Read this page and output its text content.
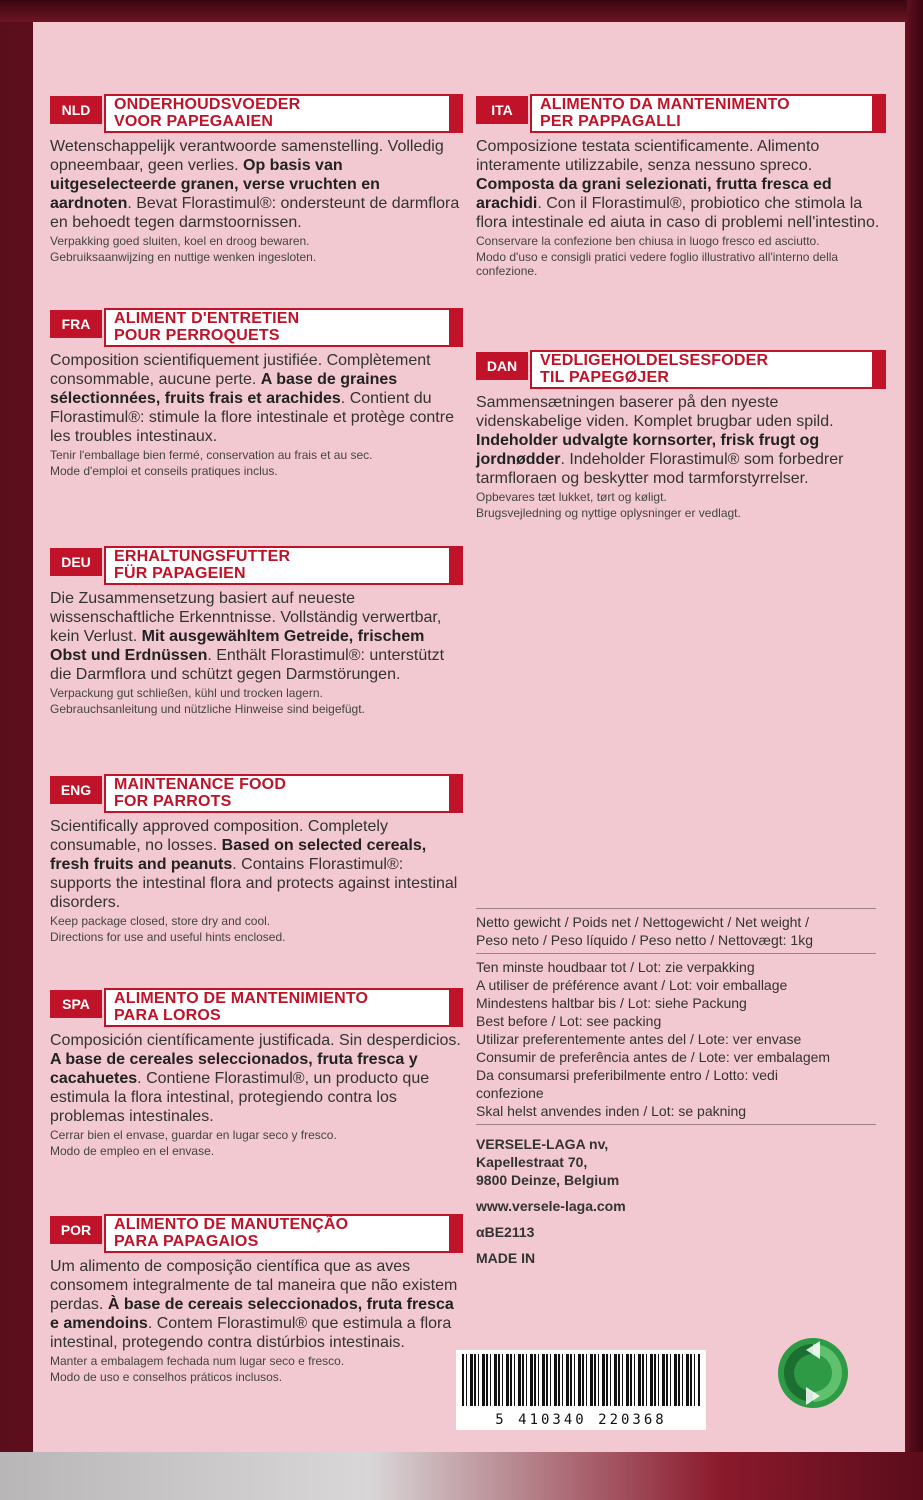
NLD	ONDERHOUDSVOEDER
VOOR PAPEGAAIEN
Wetenschappelijk verantwoorde samenstelling. Volledig opneembaar, geen verlies. Op basis van uitgeselecteerde granen, verse vruchten en aardnoten. Bevat Florastimul®: ondersteunt de darmflora en behoedt tegen darmstoornissen.
Verpakking goed sluiten, koel en droog bewaren.
Gebruiksaanwijzing en nuttige wenken ingesloten.
FRA	ALIMENT D'ENTRETIEN
POUR PERROQUETS
Composition scientifiquement justifiée. Complètement consommable, aucune perte. A base de graines sélectionnées, fruits frais et arachides. Contient du Florastimul®: stimule la flore intestinale et protège contre les troubles intestinaux.
Tenir l'emballage bien fermé, conservation au frais et au sec.
Mode d'emploi et conseils pratiques inclus.
DEU	ERHALTUNGSFUTTER
FÜR PAPAGEIEN
Die Zusammensetzung basiert auf neueste wissenschaftliche Erkenntnisse. Vollständig verwertbar, kein Verlust. Mit ausgewähltem Getreide, frischem Obst und Erdnüssen. Enthält Florastimul®: unterstützt die Darmflora und schützt gegen Darmstörungen.
Verpackung gut schließen, kühl und trocken lagern.
Gebrauchsanleitung und nützliche Hinweise sind beigefügt.
ENG	MAINTENANCE FOOD
FOR PARROTS
Scientifically approved composition. Completely consumable, no losses. Based on selected cereals, fresh fruits and peanuts. Contains Florastimul®: supports the intestinal flora and protects against intestinal disorders.
Keep package closed, store dry and cool.
Directions for use and useful hints enclosed.
SPA	ALIMENTO DE MANTENIMIENTO
PARA LOROS
Composición científicamente justificada. Sin desperdicios. A base de cereales seleccionados, fruta fresca y cacahuetes. Contiene Florastimul®, un producto que estimula la flora intestinal, protegiendo contra los problemas intestinales.
Cerrar bien el envase, guardar en lugar seco y fresco.
Modo de empleo en el envase.
POR	ALIMENTO DE MANUTENÇÃO
PARA PAPAGAIOS
Um alimento de composição científica que as aves consomem integralmente de tal maneira que não existem perdas. À base de cereais seleccionados, fruta fresca e amendoins. Contem Florastimul® que estimula a flora intestinal, protegendo contra distúrbios intestinais.
Manter a embalagem fechada num lugar seco e fresco.
Modo de uso e conselhos práticos inclusos.
ITA	ALIMENTO DA MANTENIMENTO
PER PAPPAGALLI
Composizione testata scientificamente. Alimento interamente utilizzabile, senza nessuno spreco. Composta da grani selezionati, frutta fresca ed arachidi. Con il Florastimul®, probiotico che stimola la flora intestinale ed aiuta in caso di problemi nell'intestino.
Conservare la confezione ben chiusa in luogo fresco ed asciutto.
Modo d'uso e consigli pratici vedere foglio illustrativo all'interno della confezione.
DAN	VEDLIGEHOLDELSESFODER
TIL PAPEGØJER
Sammensætningen baserer på den nyeste videnskabelige viden. Komplet brugbar uden spild. Indeholder udvalgte kornsorter, frisk frugt og jordnødder. Indeholder Florastimul® som forbedrer tarmfloraen og beskytter mod tarmforstyrrelser.
Opbevares tæt lukket, tørt og køligt.
Brugsvejledning og nyttige oplysninger er vedlagt.
Netto gewicht / Poids net / Nettogewicht / Net weight /
Peso neto / Peso líquido / Peso netto / Nettovægt: 1kg
Ten minste houdbaar tot / Lot: zie verpakking
A utiliser de préférence avant / Lot: voir emballage
Mindestens haltbar bis / Lot: siehe Packung
Best before / Lot: see packing
Utilizar preferentemente antes del / Lote: ver envase
Consumir de preferência antes de / Lote: ver embalagem
Da consumarsi preferibilmente entro / Lotto: vedi
confezione
Skal helst anvendes inden / Lot: se pakning
VERSELE-LAGA nv,
Kapellestraat 70,
9800 Deinze, Belgium
www.versele-laga.com
αBE2113
MADE IN
5 410340 220368
